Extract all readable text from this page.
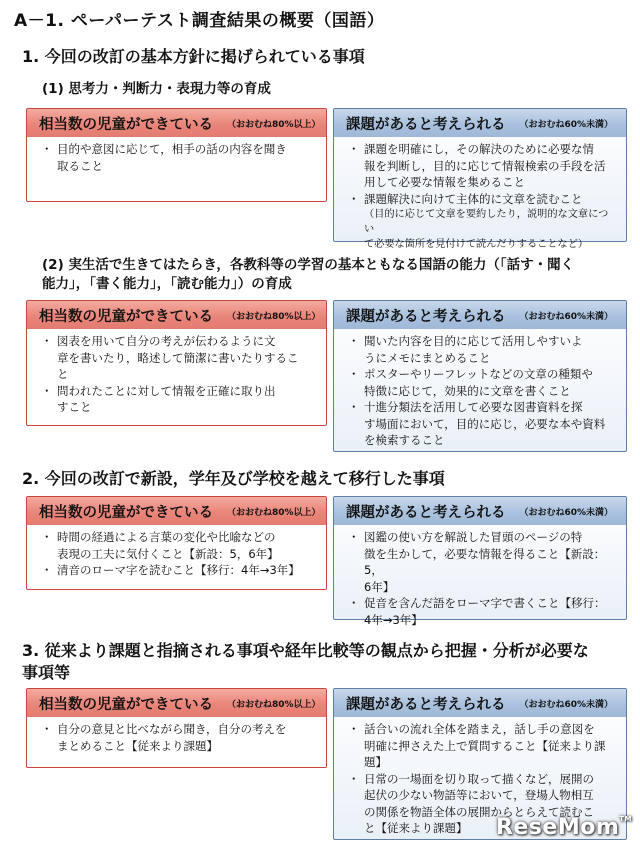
A－1. ペーパーテスト調査結果の概要（国語）
1. 今回の改訂の基本方針に掲げられている事項
(1) 思考力・判断力・表現力等の育成
相当数の児童ができている （おおむね80%以上）
・ 目的や意図に応じて，相手の話の内容を聞き
取ること
課題があると考えられる （おおむね60%未満）
・ 課題を明確にし，その解決のために必要な情
報を判断し，目的に応じて情報検索の手段を活
用して必要な情報を集めること
・ 課題解決に向けて主体的に文章を読むこと
（目的に応じて文章を要約したり，説明的な文章につい
て必要な箇所を見付けて読んだりすることなど）
(2) 実生活で生きてはたらき，各教科等の学習の基本ともなる国語の能力（「話す・聞く
能力」，「書く能力」，「読む能力」）の育成
相当数の児童ができている （おおむね80%以上）
・ 図表を用いて自分の考えが伝わるように文
章を書いたり，略述して簡潔に書いたりするこ
と
・ 問われたことに対して情報を正確に取り出
すこと
課題があると考えられる （おおむね60%未満）
・ 聞いた内容を目的に応じて活用しやすいよ
うにメモにまとめること
・ ポスターやリーフレットなどの文章の種類や
特徴に応じて，効果的に文章を書くこと
・ 十進分類法を活用して必要な図書資料を探
す場面において，目的に応じ，必要な本や資料
を検索すること
2. 今回の改訂で新設，学年及び学校を越えて移行した事項
相当数の児童ができている （おおむね80%以上）
・ 時間の経過による言葉の変化や比喩などの
表現の工夫に気付くこと【新設：5，6年】
・ 清音のローマ字を読むこと【移行：4年→3年】
課題があると考えられる （おおむね60%未満）
・ 図鑑の使い方を解説した冒頭のページの特
徴を生かして，必要な情報を得ること【新設：5，
6年】
・ 促音を含んだ語をローマ字で書くこと【移行：
4年→3年】
3. 従来より課題と指摘される事項や経年比較等の観点から把握・分析が必要な
事項等
相当数の児童ができている （おおむね80%以上）
・ 自分の意見と比べながら聞き，自分の考えを
まとめること【従来より課題】
課題があると考えられる （おおむね60%未満）
・ 話合いの流れ全体を踏まえ，話し手の意図を
明確に押さえた上で質問すること【従来より課
題】
・ 日常の一場面を切り取って描くなど，展開の
起伏の少ない物語等において，登場人物相互
の関係を物語全体の展開からとらえて読むこ
と【従来より課題】	ReseMom™
